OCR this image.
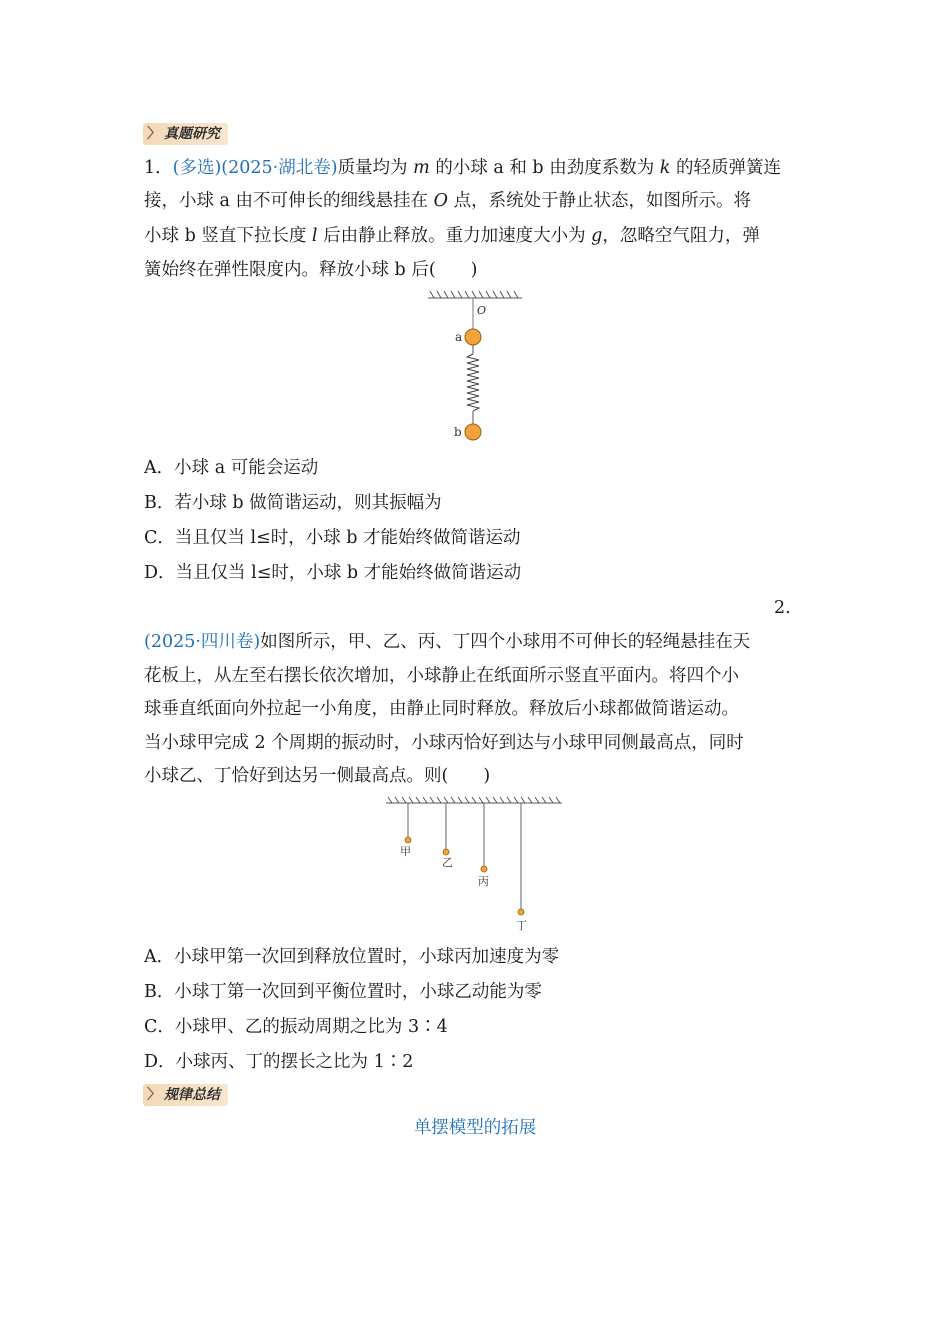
〉 真题研究
1．(多选)(2025·湖北卷)质量均为 m 的小球 a 和 b 由劲度系数为 k 的轻质弹簧连
接，小球 a 由不可伸长的细线悬挂在 O 点，系统处于静止状态，如图所示。将
小球 b 竖直下拉长度 l 后由静止释放。重力加速度大小为 g，忽略空气阻力，弹
簧始终在弹性限度内。释放小球 b 后(　　)
O
a
b
A．小球 a 可能会运动
B．若小球 b 做简谐运动，则其振幅为
C．当且仅当 l≤时，小球 b 才能始终做简谐运动
D．当且仅当 l≤时，小球 b 才能始终做简谐运动
2.
(2025·四川卷)如图所示，甲、乙、丙、丁四个小球用不可伸长的轻绳悬挂在天
花板上，从左至右摆长依次增加，小球静止在纸面所示竖直平面内。将四个小
球垂直纸面向外拉起一小角度，由静止同时释放。释放后小球都做简谐运动。
当小球甲完成 2 个周期的振动时，小球丙恰好到达与小球甲同侧最高点，同时
小球乙、丁恰好到达另一侧最高点。则(　　)
甲
乙
丙
丁
A．小球甲第一次回到释放位置时，小球丙加速度为零
B．小球丁第一次回到平衡位置时，小球乙动能为零
C．小球甲、乙的振动周期之比为 3∶4
D．小球丙、丁的摆长之比为 1∶2
〉 规律总结
单摆模型的拓展
